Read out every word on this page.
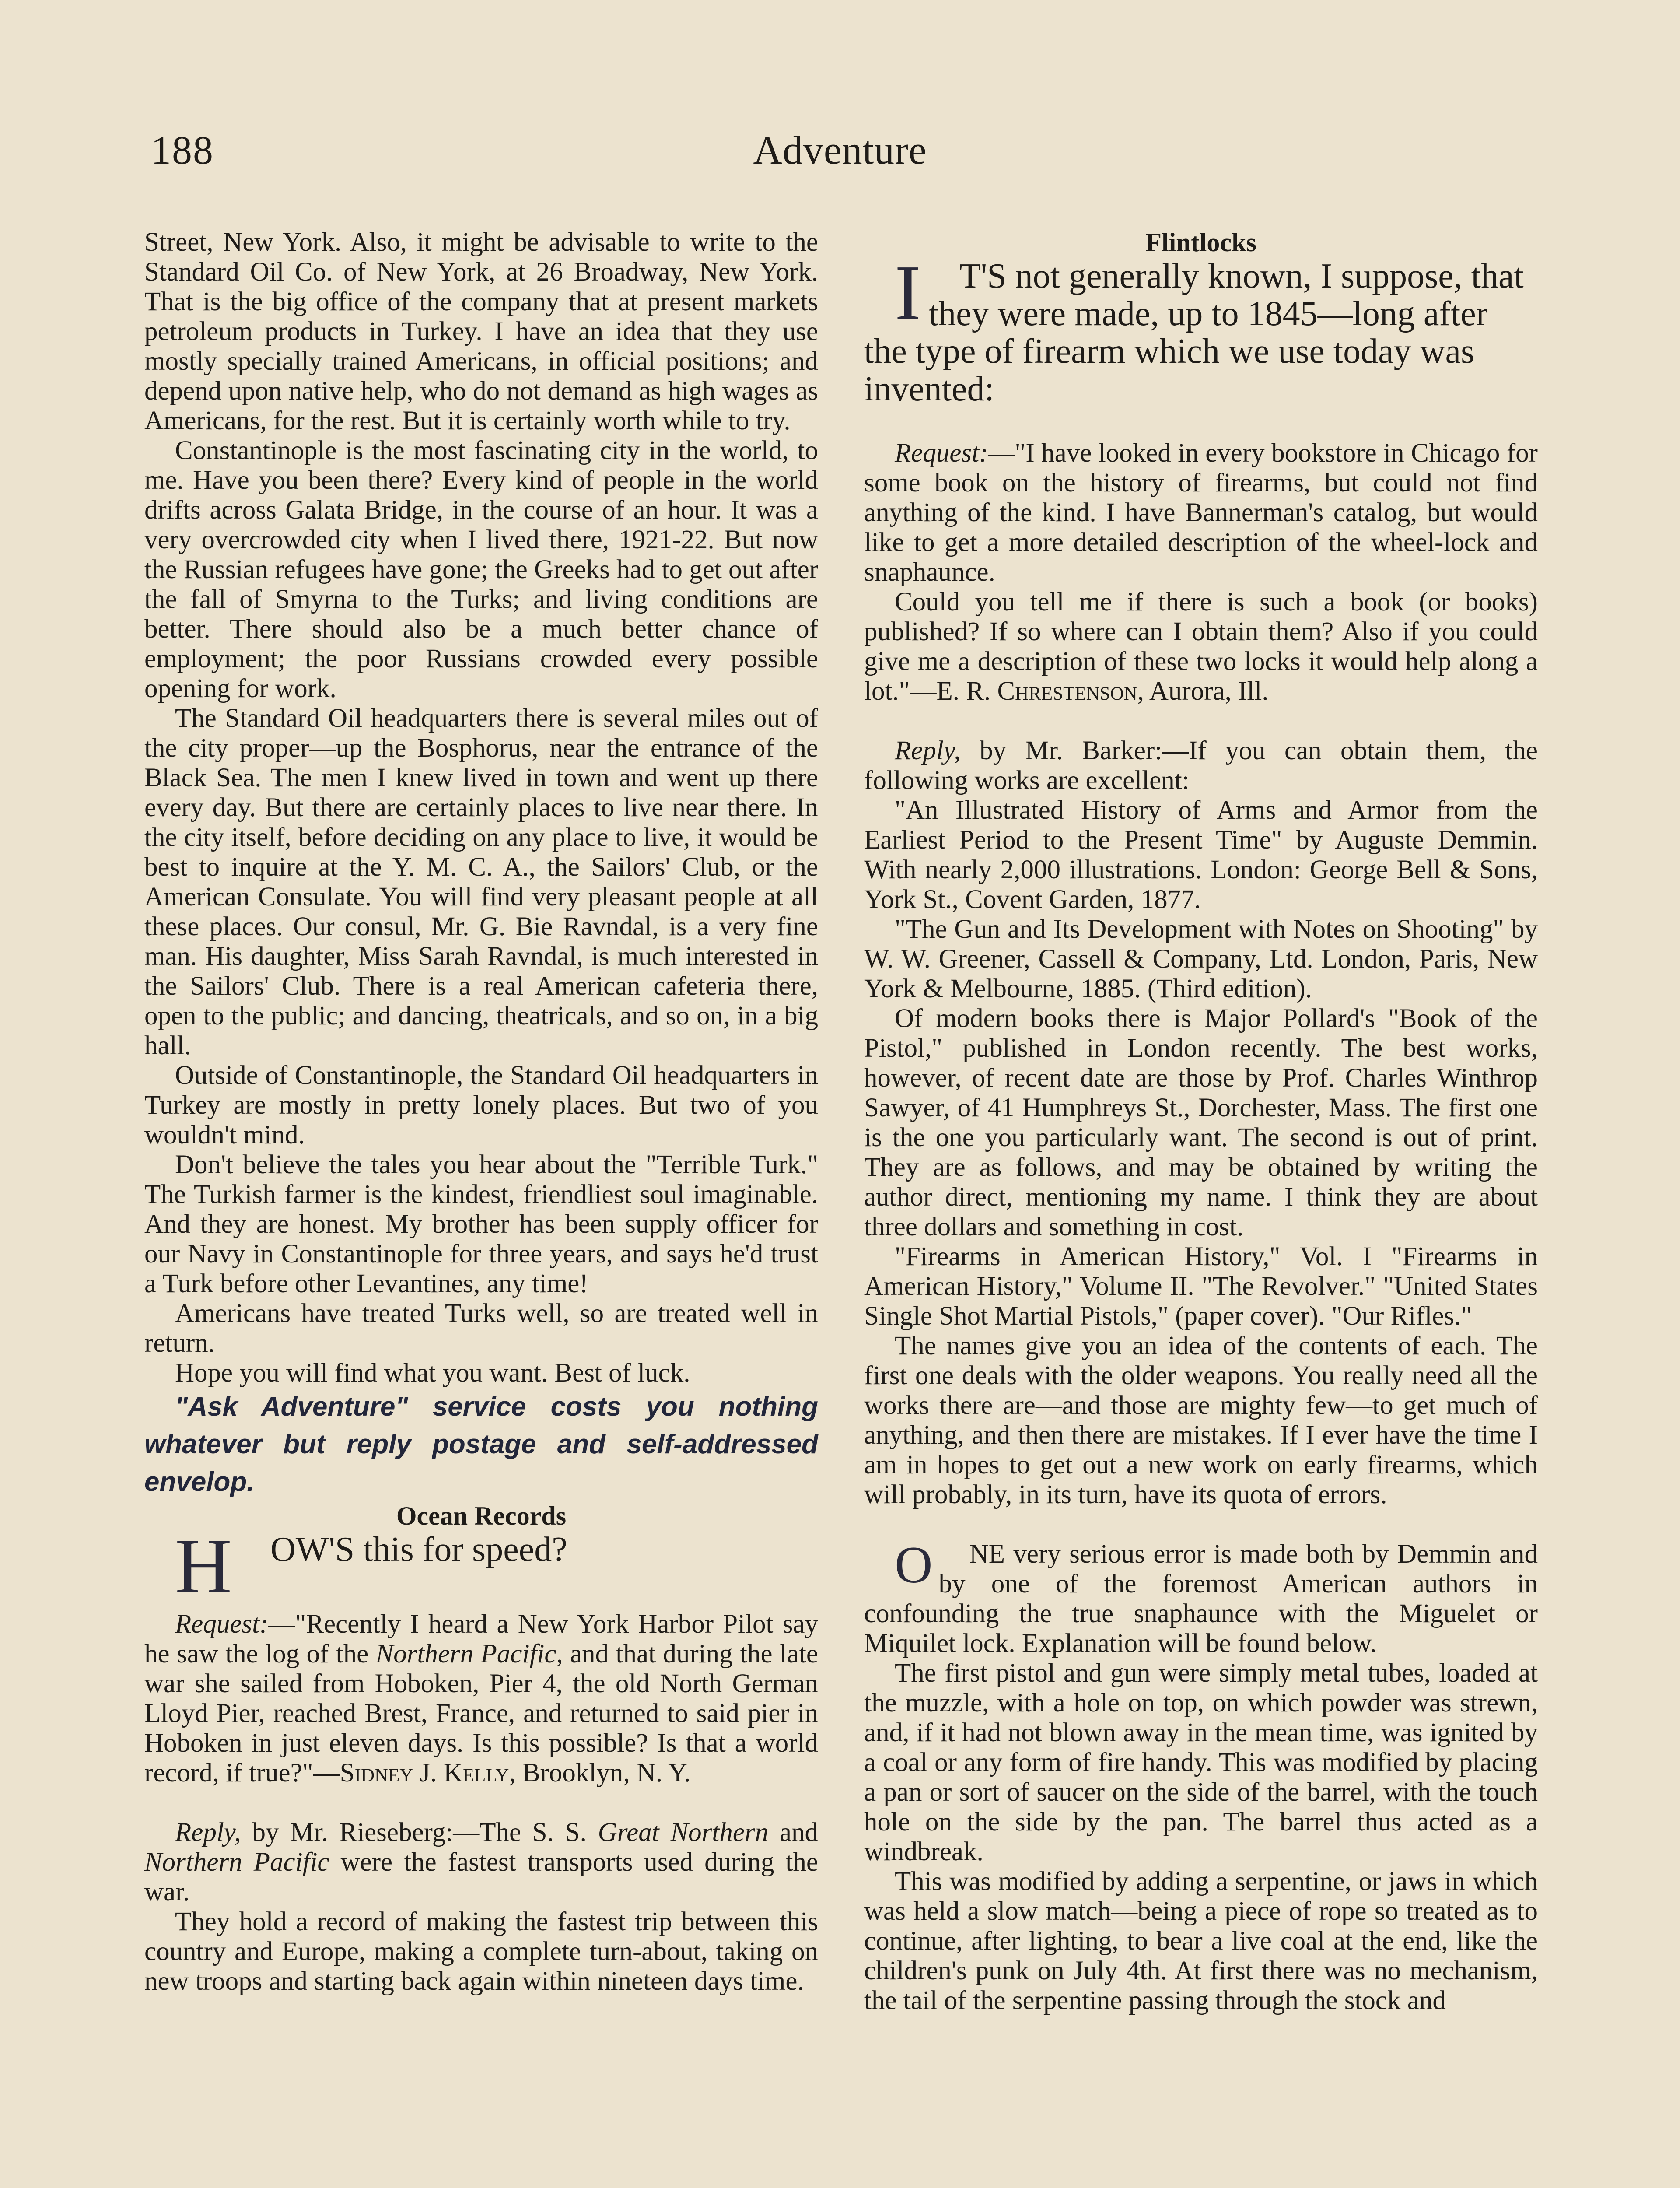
188	Adventure

Street, New York. Also, it might be advisable to write to the Standard Oil Co. of New York, at 26 Broadway, New York. That is the big office of the company that at present markets petroleum products in Turkey. I have an idea that they use mostly specially trained Americans, in official positions; and depend upon native help, who do not demand as high wages as Americans, for the rest. But it is certainly worth while to try.

Constantinople is the most fascinating city in the world, to me. Have you been there? Every kind of people in the world drifts across Galata Bridge, in the course of an hour. It was a very overcrowded city when I lived there, 1921-22. But now the Russian refugees have gone; the Greeks had to get out after the fall of Smyrna to the Turks; and living conditions are better. There should also be a much better chance of employment; the poor Russians crowded every possible opening for work.

The Standard Oil headquarters there is several miles out of the city proper—up the Bosphorus, near the entrance of the Black Sea. The men I knew lived in town and went up there every day. But there are certainly places to live near there. In the city itself, before deciding on any place to live, it would be best to inquire at the Y. M. C. A., the Sailors' Club, or the American Consulate. You will find very pleasant people at all these places. Our consul, Mr. G. Bie Ravndal, is a very fine man. His daughter, Miss Sarah Ravndal, is much interested in the Sailors' Club. There is a real American cafeteria there, open to the public; and dancing, theatricals, and so on, in a big hall.

Outside of Constantinople, the Standard Oil headquarters in Turkey are mostly in pretty lonely places. But two of you wouldn't mind.

Don't believe the tales you hear about the "Terrible Turk." The Turkish farmer is the kindest, friendliest soul imaginable. And they are honest. My brother has been supply officer for our Navy in Constantinople for three years, and says he'd trust a Turk before other Levantines, any time!

Americans have treated Turks well, so are treated well in return.

Hope you will find what you want. Best of luck.

"Ask Adventure" service costs you nothing whatever but reply postage and self-addressed envelop.

Ocean Records

H OW'S this for speed?

Request:—"Recently I heard a New York Harbor Pilot say he saw the log of the Northern Pacific, and that during the late war she sailed from Hoboken, Pier 4, the old North German Lloyd Pier, reached Brest, France, and returned to said pier in Hoboken in just eleven days. Is this possible? Is that a world record, if true?"—Sidney J. Kelly, Brooklyn, N. Y.

Reply, by Mr. Rieseberg:—The S. S. Great Northern and Northern Pacific were the fastest transports used during the war.

They hold a record of making the fastest trip between this country and Europe, making a complete turn-about, taking on new troops and starting back again within nineteen days time.

Flintlocks

I T'S not generally known, I suppose, that they were made, up to 1845—long after the type of firearm which we use today was invented:

Request:—"I have looked in every bookstore in Chicago for some book on the history of firearms, but could not find anything of the kind. I have Bannerman's catalog, but would like to get a more detailed description of the wheel-lock and snaphaunce.

Could you tell me if there is such a book (or books) published? If so where can I obtain them? Also if you could give me a description of these two locks it would help along a lot."—E. R. Chrestenson, Aurora, Ill.

Reply, by Mr. Barker:—If you can obtain them, the following works are excellent:

"An Illustrated History of Arms and Armor from the Earliest Period to the Present Time" by Auguste Demmin. With nearly 2,000 illustrations. London: George Bell & Sons, York St., Covent Garden, 1877.

"The Gun and Its Development with Notes on Shooting" by W. W. Greener, Cassell & Company, Ltd. London, Paris, New York & Melbourne, 1885. (Third edition).

Of modern books there is Major Pollard's "Book of the Pistol," published in London recently. The best works, however, of recent date are those by Prof. Charles Winthrop Sawyer, of 41 Humphreys St., Dorchester, Mass. The first one is the one you particularly want. The second is out of print. They are as follows, and may be obtained by writing the author direct, mentioning my name. I think they are about three dollars and something in cost.

"Firearms in American History," Vol. I "Firearms in American History," Volume II. "The Revolver." "United States Single Shot Martial Pistols," (paper cover). "Our Rifles."

The names give you an idea of the contents of each. The first one deals with the older weapons. You really need all the works there are—and those are mighty few—to get much of anything, and then there are mistakes. If I ever have the time I am in hopes to get out a new work on early firearms, which will probably, in its turn, have its quota of errors.

O NE very serious error is made both by Demmin and by one of the foremost American authors in confounding the true snaphaunce with the Miguelet or Miquilet lock. Explanation will be found below.

The first pistol and gun were simply metal tubes, loaded at the muzzle, with a hole on top, on which powder was strewn, and, if it had not blown away in the mean time, was ignited by a coal or any form of fire handy. This was modified by placing a pan or sort of saucer on the side of the barrel, with the touch hole on the side by the pan. The barrel thus acted as a windbreak.

This was modified by adding a serpentine, or jaws in which was held a slow match—being a piece of rope so treated as to continue, after lighting, to bear a live coal at the end, like the children's punk on July 4th. At first there was no mechanism, the tail of the serpentine passing through the stock and
